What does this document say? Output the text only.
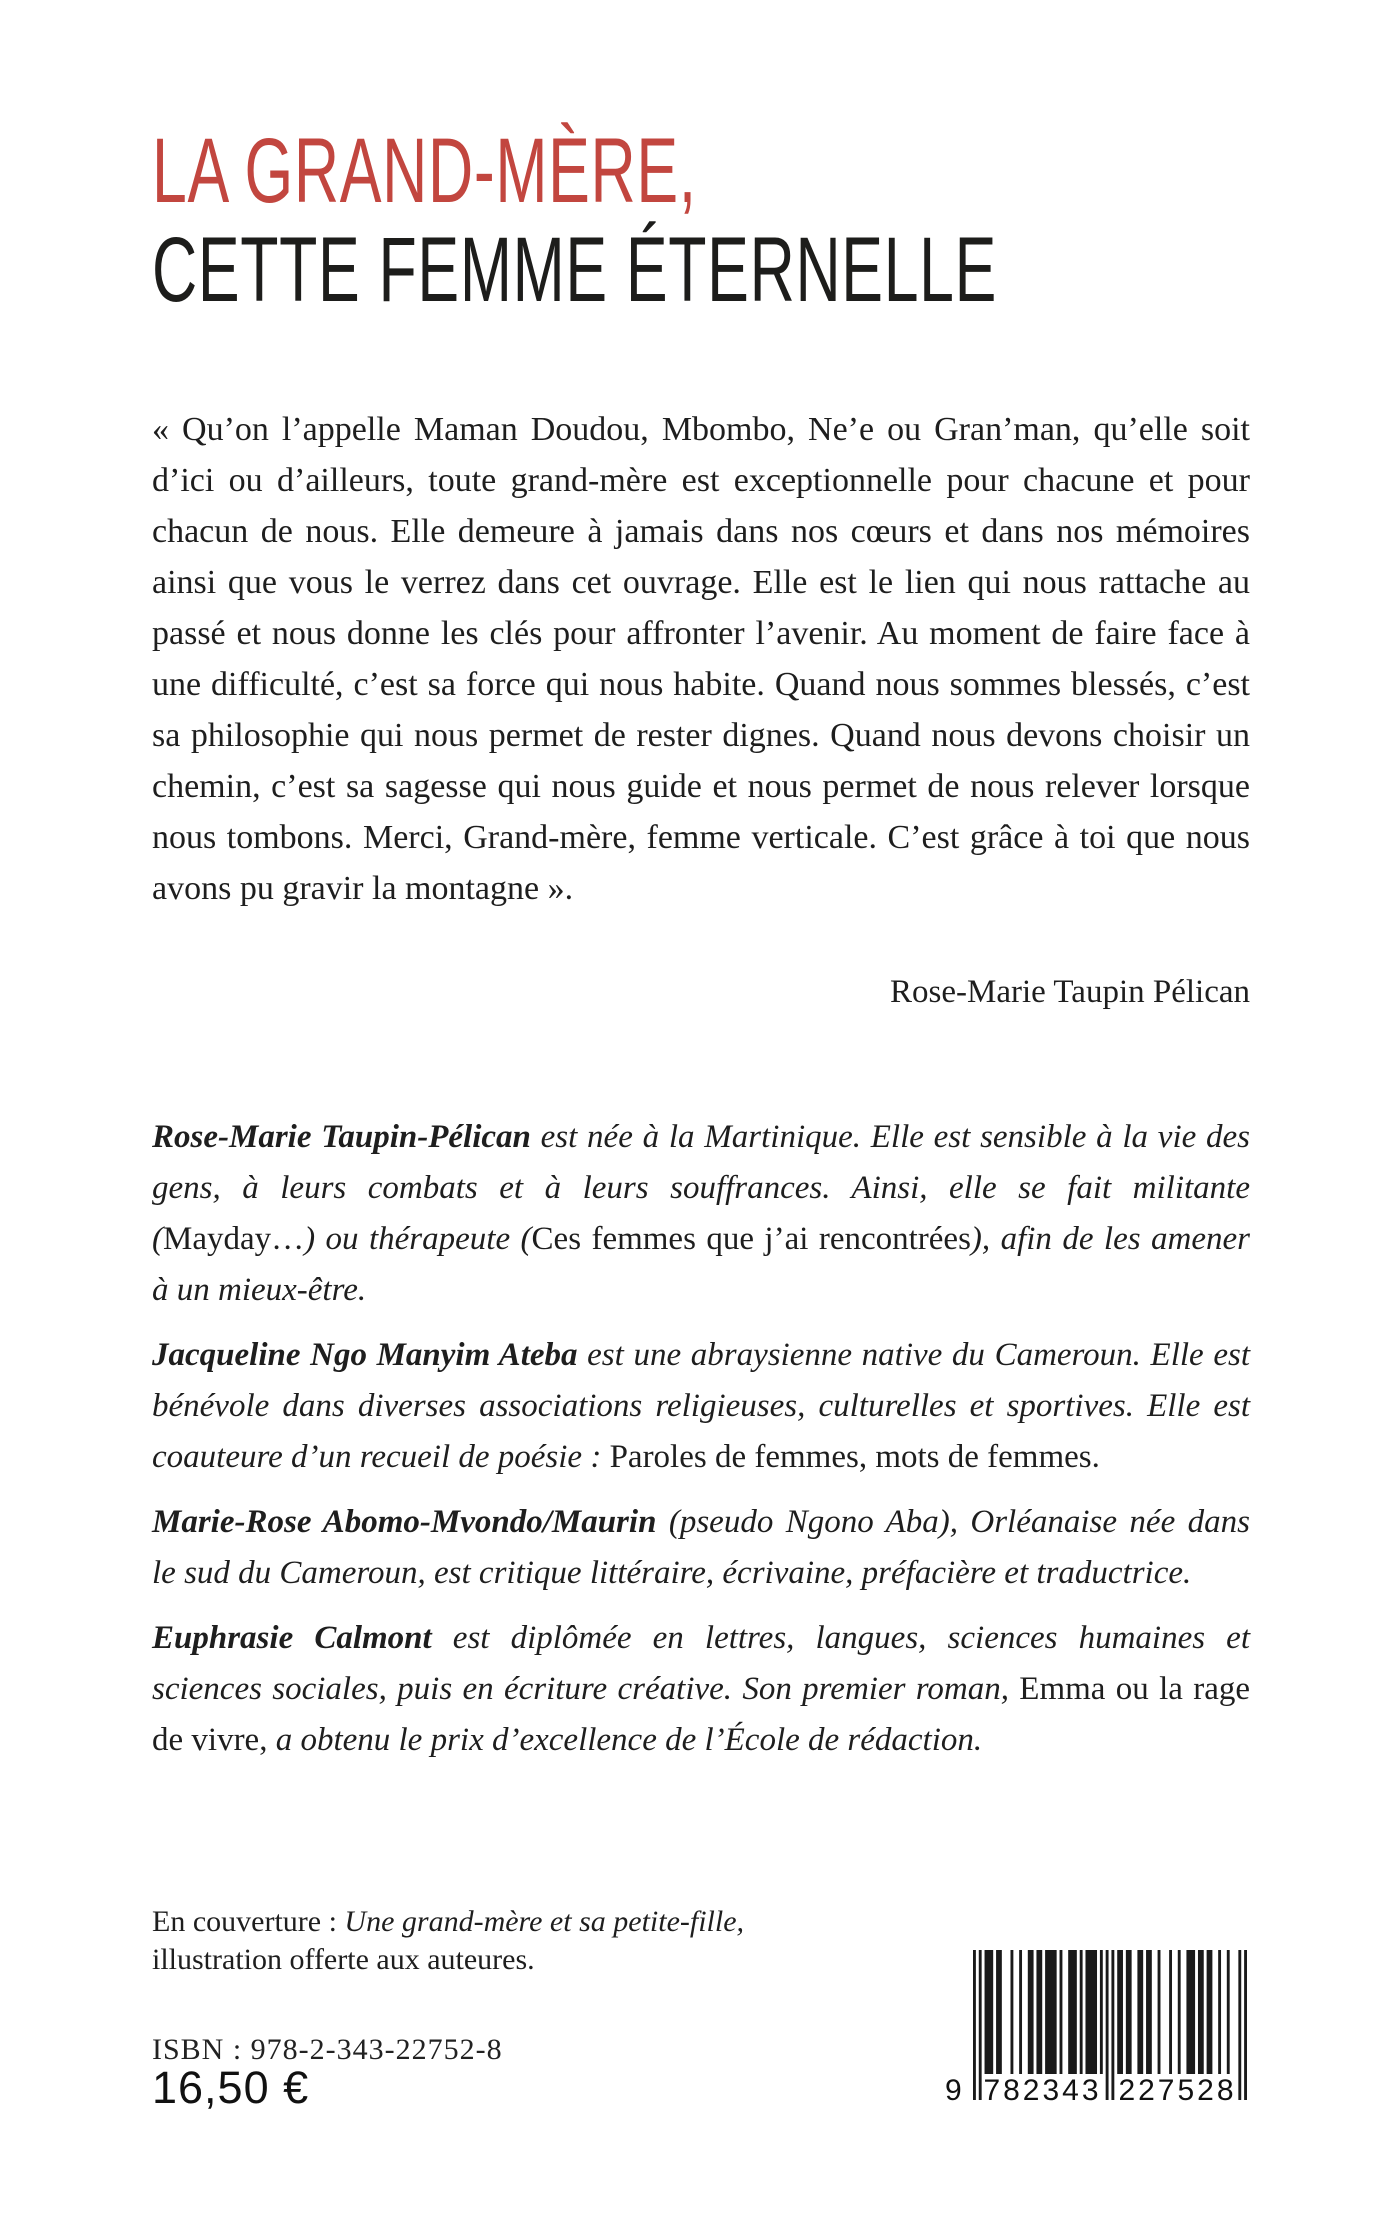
LA GRAND-MÈRE,
CETTE FEMME ÉTERNELLE
« Qu’on l’appelle Maman Doudou, Mbombo, Ne’e ou Gran’man, qu’elle soit d’ici ou d’ailleurs, toute grand-mère est exceptionnelle pour chacune et pour chacun de nous. Elle demeure à jamais dans nos cœurs et dans nos mémoires ainsi que vous le verrez dans cet ouvrage. Elle est le lien qui nous rattache au passé et nous donne les clés pour affronter l’avenir. Au moment de faire face à une difficulté, c’est sa force qui nous habite. Quand nous sommes blessés, c’est sa philosophie qui nous permet de rester dignes. Quand nous devons choisir un chemin, c’est sa sagesse qui nous guide et nous permet de nous relever lorsque nous tombons. Merci, Grand-mère, femme verticale. C’est grâce à toi que nous avons pu gravir la montagne ».
Rose-Marie Taupin Pélican

Rose-Marie Taupin-Pélican est née à la Martinique. Elle est sensible à la vie des gens, à leurs combats et à leurs souffrances. Ainsi, elle se fait militante (Mayday…) ou thérapeute (Ces femmes que j’ai rencontrées), afin de les amener à un mieux-être.

Jacqueline Ngo Manyim Ateba est une abraysienne native du Cameroun. Elle est bénévole dans diverses associations religieuses, culturelles et sportives. Elle est coauteure d’un recueil de poésie : Paroles de femmes, mots de femmes.

Marie-Rose Abomo-Mvondo/Maurin (pseudo Ngono Aba), Orléanaise née dans le sud du Cameroun, est critique littéraire, écrivaine, préfacière et traductrice.

Euphrasie Calmont est diplômée en lettres, langues, sciences humaines et sciences sociales, puis en écriture créative. Son premier roman, Emma ou la rage de vivre, a obtenu le prix d’excellence de l’École de rédaction.

En couverture : Une grand-mère et sa petite-fille, illustration offerte aux auteures.
ISBN : 978-2-343-22752-8
16,50 €	9 782343 227528
